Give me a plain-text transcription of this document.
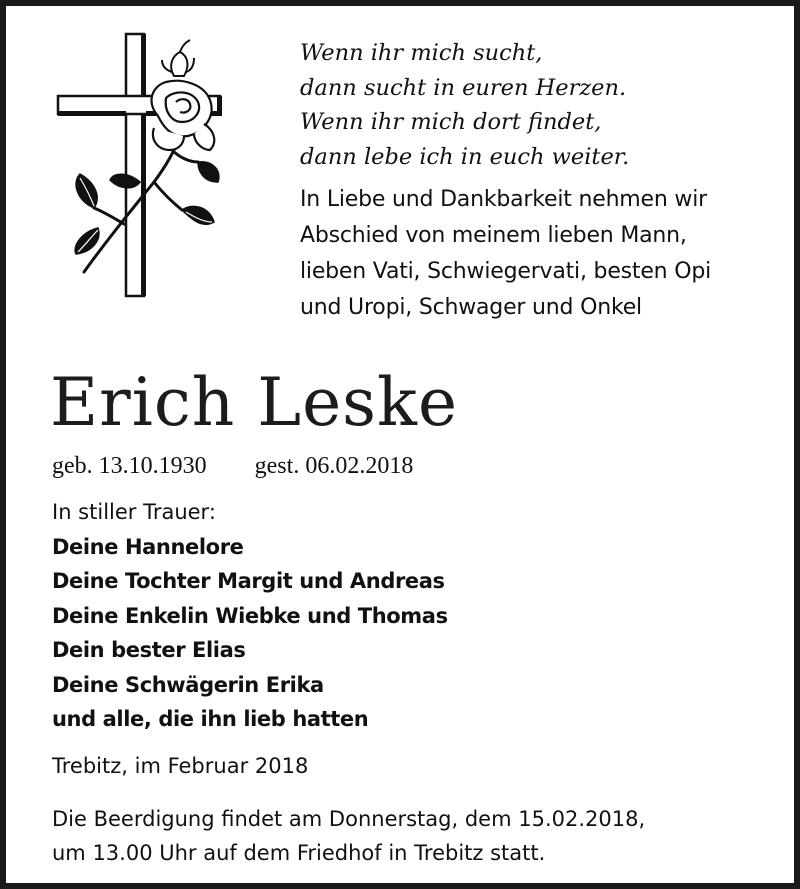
Wenn ihr mich sucht,
dann sucht in euren Herzen.
Wenn ihr mich dort findet,
dann lebe ich in euch weiter.
In Liebe und Dankbarkeit nehmen wir
Abschied von meinem lieben Mann,
lieben Vati, Schwiegervati, besten Opi
und Uropi, Schwager und Onkel
Erich Leske
geb. 13.10.1930 gest. 06.02.2018
In stiller Trauer:
Deine Hannelore
Deine Tochter Margit und Andreas
Deine Enkelin Wiebke und Thomas
Dein bester Elias
Deine Schwägerin Erika
und alle, die ihn lieb hatten
Trebitz, im Februar 2018
Die Beerdigung findet am Donnerstag, dem 15.02.2018,
um 13.00 Uhr auf dem Friedhof in Trebitz statt.
